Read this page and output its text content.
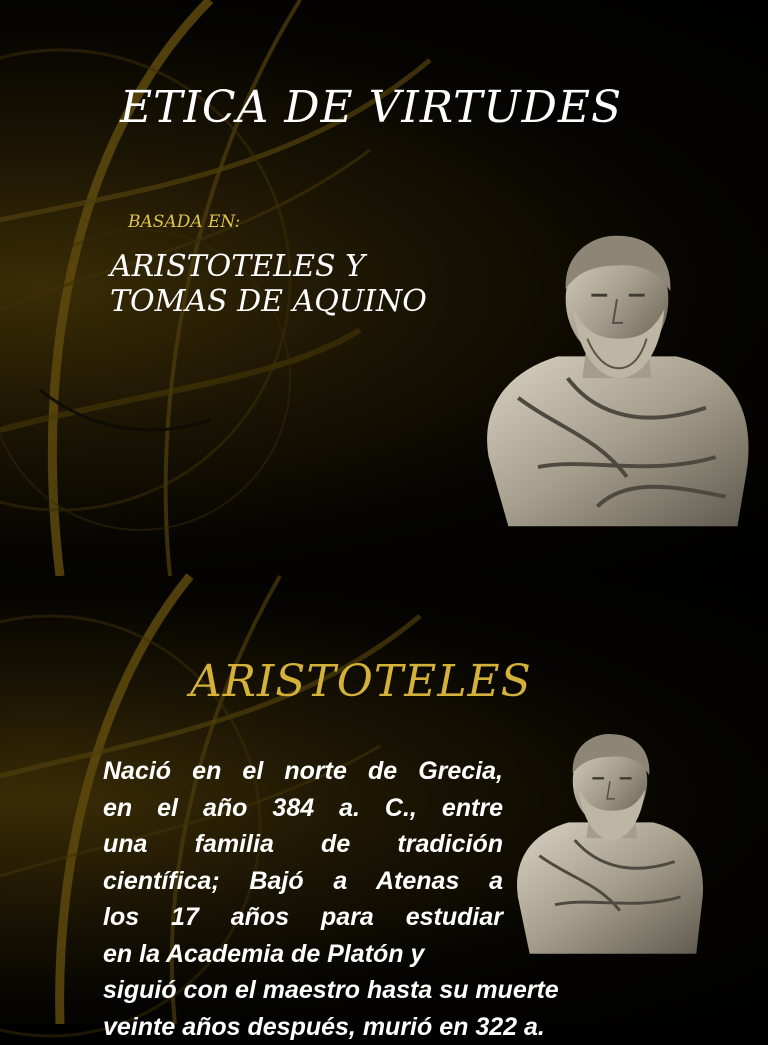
ETICA DE VIRTUDES
BASADA EN:
ARISTOTELES Y
TOMAS DE AQUINO
ARISTOTELES

Nació en el norte de Grecia,
en el año 384 a. C., entre
una familia de tradición
científica; Bajó a Atenas a
los 17 años para estudiar
en la Academia de Platón y
siguió con el maestro hasta su muerte
veinte años después, murió en 322 a.
